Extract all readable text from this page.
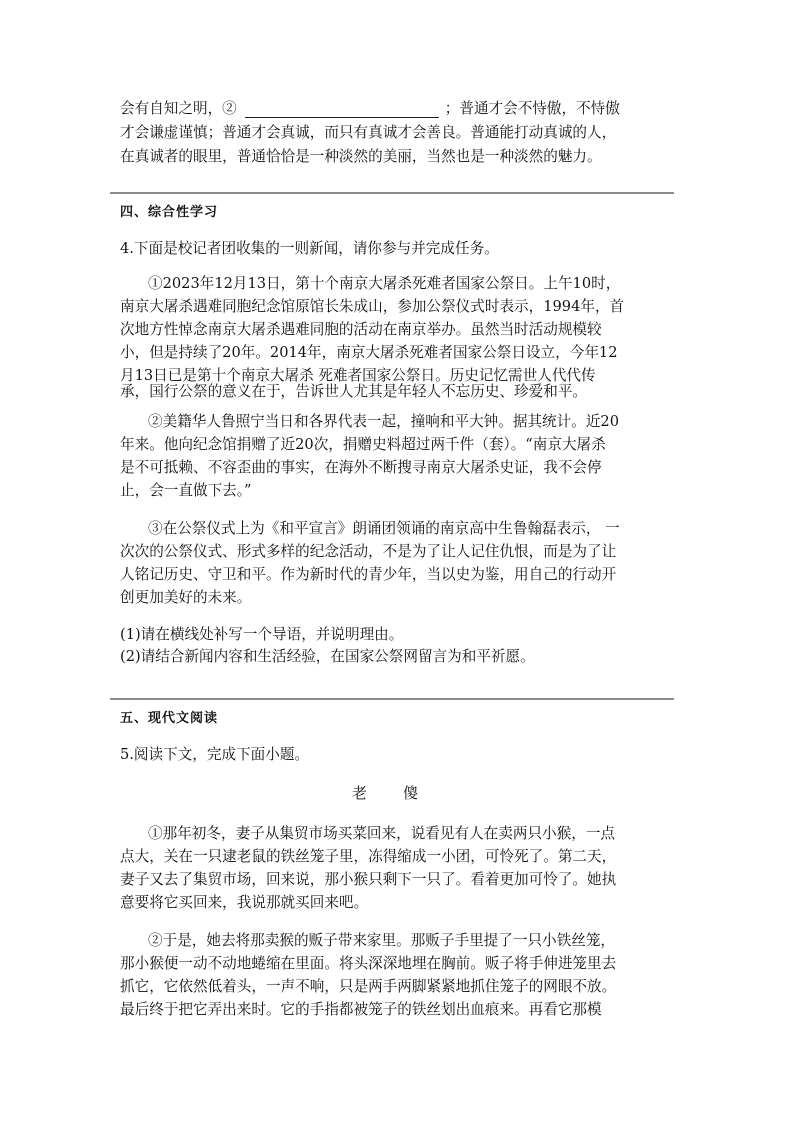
会有自知之明，②	；普通才会不恃傲，不恃傲
才会谦虚谨慎；普通才会真诚，而只有真诚才会善良。普通能打动真诚的人，
在真诚者的眼里，普通恰恰是一种淡然的美丽，当然也是一种淡然的魅力。
四、综合性学习
4.下面是校记者团收集的一则新闻，请你参与并完成任务。
①2023年12月13日，第十个南京大屠杀死难者国家公祭日。上午10时，
南京大屠杀遇难同胞纪念馆原馆长朱成山，参加公祭仪式时表示，1994年，首
次地方性悼念南京大屠杀遇难同胞的活动在南京举办。虽然当时活动规模较
小，但是持续了20年。2014年，南京大屠杀死难者国家公祭日设立，今年12
月13日已是第十个南京大屠杀 死难者国家公祭日。历史记忆需世人代代传
承，国行公祭的意义在于，告诉世人尤其是年轻人不忘历史、珍爱和平。
②美籍华人鲁照宁当日和各界代表一起，撞响和平大钟。据其统计。近20
年来。他向纪念馆捐赠了近20次，捐赠史料超过两千件（套）。“南京大屠杀
是不可抵赖、不容歪曲的事实，在海外不断搜寻南京大屠杀史证，我不会停
止，会一直做下去。”
③在公祭仪式上为《和平宣言》朗诵团领诵的南京高中生鲁翰磊表示， 一
次次的公祭仪式、形式多样的纪念活动，不是为了让人记住仇恨，而是为了让
人铭记历史、守卫和平。作为新时代的青少年，当以史为鉴，用自己的行动开
创更加美好的未来。
(1)请在横线处补写一个导语，并说明理由。
(2)请结合新闻内容和生活经验，在国家公祭网留言为和平祈愿。
五、现代文阅读
5.阅读下文，完成下面小题。
老傻
①那年初冬，妻子从集贸市场买菜回来，说看见有人在卖两只小猴，一点
点大，关在一只逮老鼠的铁丝笼子里，冻得缩成一小团，可怜死了。第二天，
妻子又去了集贸市场，回来说，那小猴只剩下一只了。看着更加可怜了。她执
意要将它买回来，我说那就买回来吧。
②于是，她去将那卖猴的贩子带来家里。那贩子手里提了一只小铁丝笼，
那小猴便一动不动地蜷缩在里面。将头深深地埋在胸前。贩子将手伸进笼里去
抓它，它依然低着头，一声不响，只是两手两脚紧紧地抓住笼子的网眼不放。
最后终于把它弄出来时。它的手指都被笼子的铁丝划出血痕来。再看它那模
